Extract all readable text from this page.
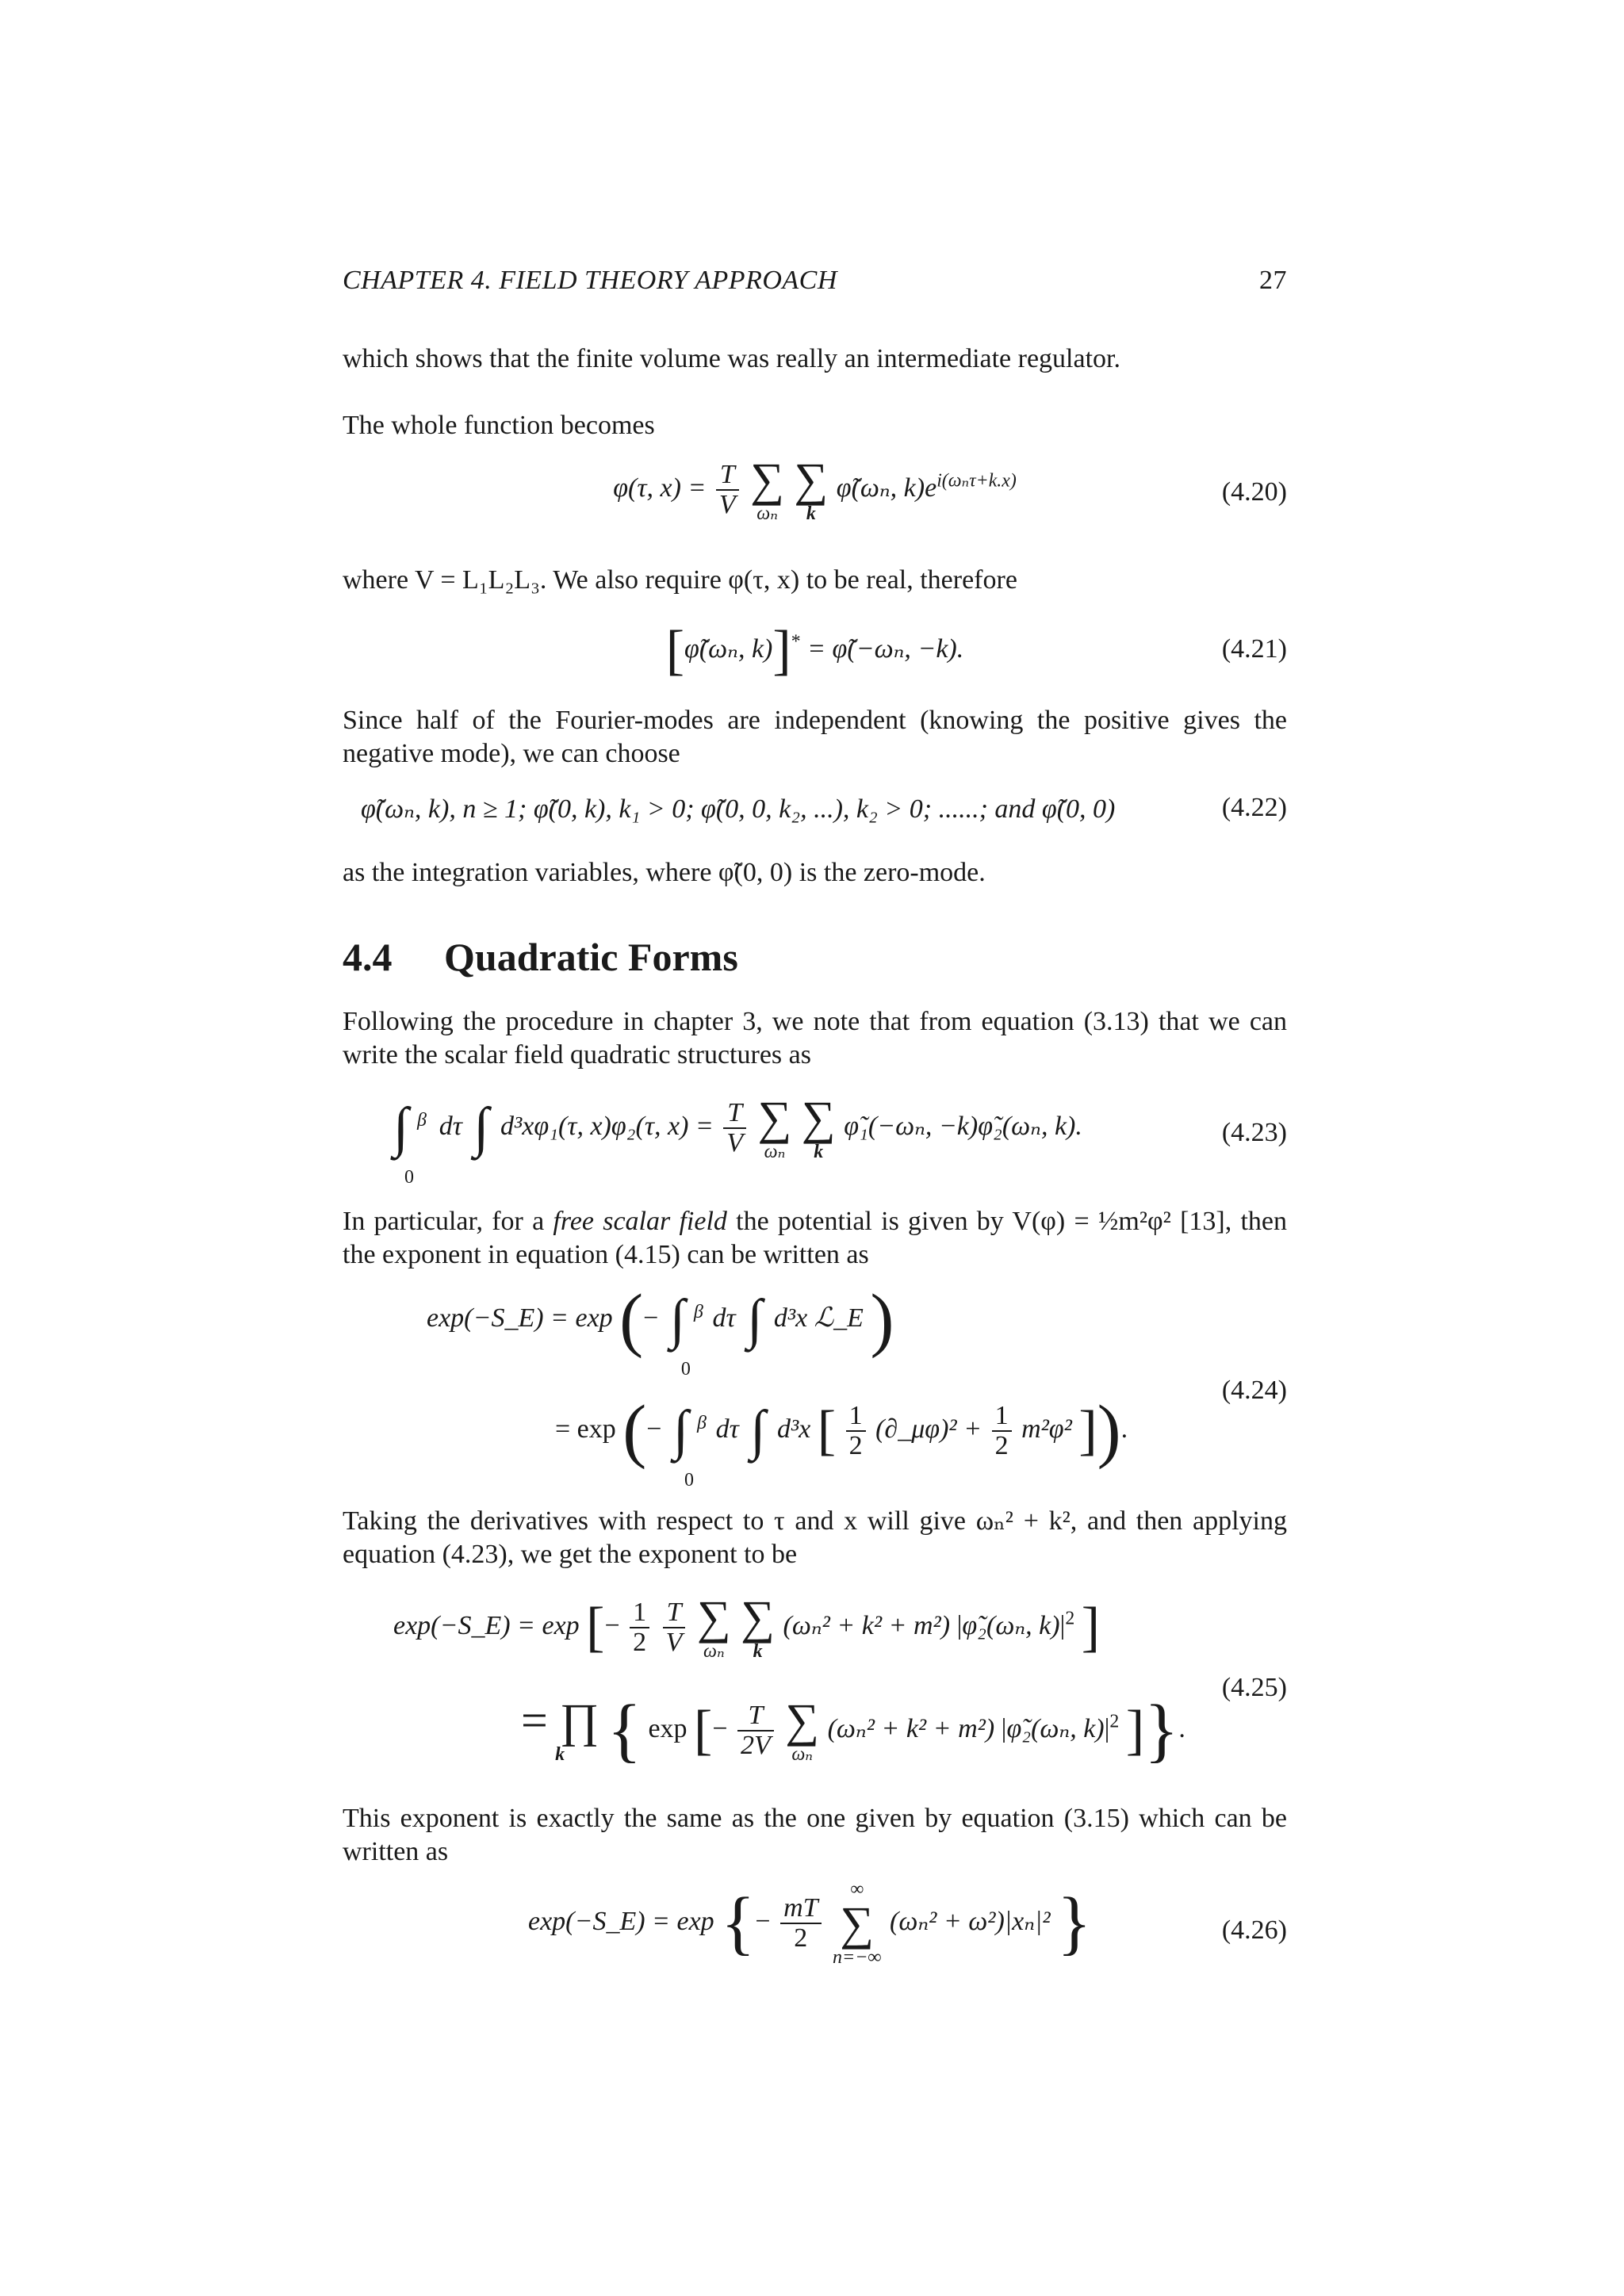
CHAPTER 4. FIELD THEORY APPROACH	27
which shows that the finite volume was really an intermediate regulator.
The whole function becomes
φ(τ, $x) = \frac{T}{V}$
∑
ωₙ

∑
k
φ̃(ωₙ, $k)e^{i(\omega_n\tau+k.x)}$	(4.20)
where V = L₁L₂L₃. We also require φ(τ, x) to be real, therefore
[φ̃(ωₙ, k)]* = φ̃(−ωₙ, −k).	(4.21)
Since half of the Fourier-modes are independent (knowing the positive gives the negative mode), we can choose
φ̃(ωₙ, k), n ≥ 1; φ̃(0, k), k₁ > 0; φ̃(0, 0, k₂, ...), k₂ > 0; ......; and φ̃(0, 0)	(4.22)
as the integration variables, where φ̃(0, 0) is the zero-mode.
4.4 Quadratic Forms
Following the procedure in chapter 3, we note that from equation (3.13) that we can write the scalar field quadratic structures as
∫ β
0
dτ ∫ d³xφ₁(τ, x)φ₂(τ, $x) = \frac{T}{V}$
∑
ωₙ

∑
k
φ̃₁(−ωₙ, −k)φ̃₂(ωₙ, k).	(4.23)
In particular, for a free scalar field the potential is given by V(φ) = ½m²φ² [13], then the exponent in equation (4.15) can be written as
exp(−S_E) = exp (− ∫ β
0
dτ ∫ d³x ℒ_E )
= exp (− ∫ β
0
dτ ∫ d³x [ $\frac{1}{2}$ (∂_μφ)² + $\frac{1}{2} m^2\varphi^2$ ]).
(4.24)
Taking the derivatives with respect to τ and x will give ωₙ² + k², and then applying equation (4.23), we get the exponent to be
exp(−S_E) = exp [− $\frac{1}{2}$
$\frac{T}{V}$
∑
ωₙ

∑
k
(ωₙ² + k² + m²) |φ̃₂(ωₙ, $k)|^2$ ]
= ∏
k { exp [− $\frac{T}{2V}$
∑
ωₙ
(ωₙ² + k² + m²) |φ̃₂(ωₙ, $k)|^2$ ]}.
(4.25)
This exponent is exactly the same as the one given by equation (3.15) which can be written as
exp(−S_E) = exp {− $\frac{mT}{2}$

∞
∑
n=−∞
(ωₙ² + ω²)|xₙ|² }	(4.26)
